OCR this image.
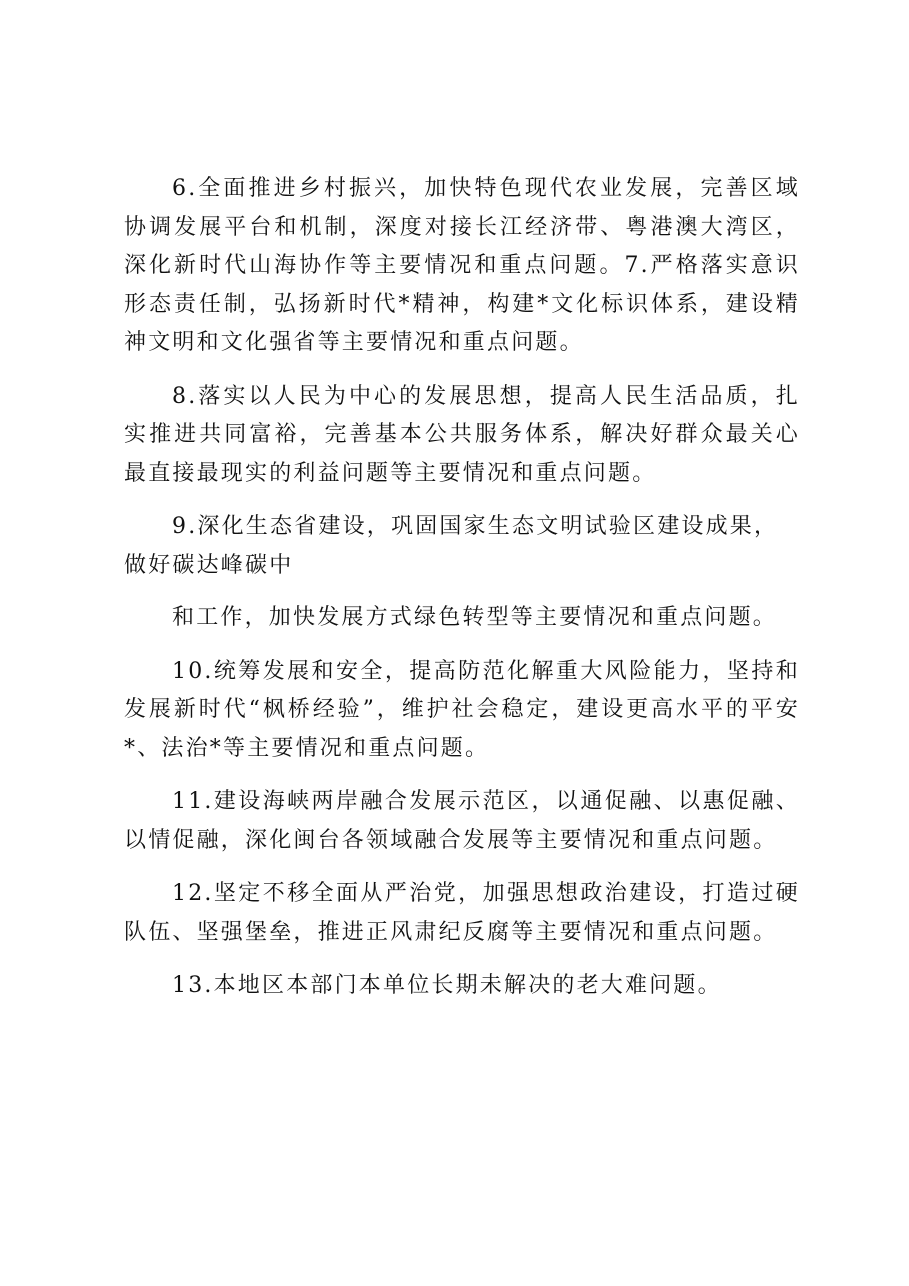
6.全面推进乡村振兴，加快特色现代农业发展，完善区域协调发展平台和机制，深度对接长江经济带、粤港澳大湾区，深化新时代山海协作等主要情况和重点问题。7.严格落实意识形态责任制，弘扬新时代*精神，构建*文化标识体系，建设精神文明和文化强省等主要情况和重点问题。

8.落实以人民为中心的发展思想，提高人民生活品质，扎实推进共同富裕，完善基本公共服务体系，解决好群众最关心最直接最现实的利益问题等主要情况和重点问题。

9.深化生态省建设，巩固国家生态文明试验区建设成果，
做好碳达峰碳中

和工作，加快发展方式绿色转型等主要情况和重点问题。

10.统筹发展和安全，提高防范化解重大风险能力，坚持和发展新时代“枫桥经验”，维护社会稳定，建设更高水平的平安*、法治*等主要情况和重点问题。

11.建设海峡两岸融合发展示范区，以通促融、以惠促融、以情促融，深化闽台各领域融合发展等主要情况和重点问题。

12.坚定不移全面从严治党，加强思想政治建设，打造过硬队伍、坚强堡垒，推进正风肃纪反腐等主要情况和重点问题。

13.本地区本部门本单位长期未解决的老大难问题。
